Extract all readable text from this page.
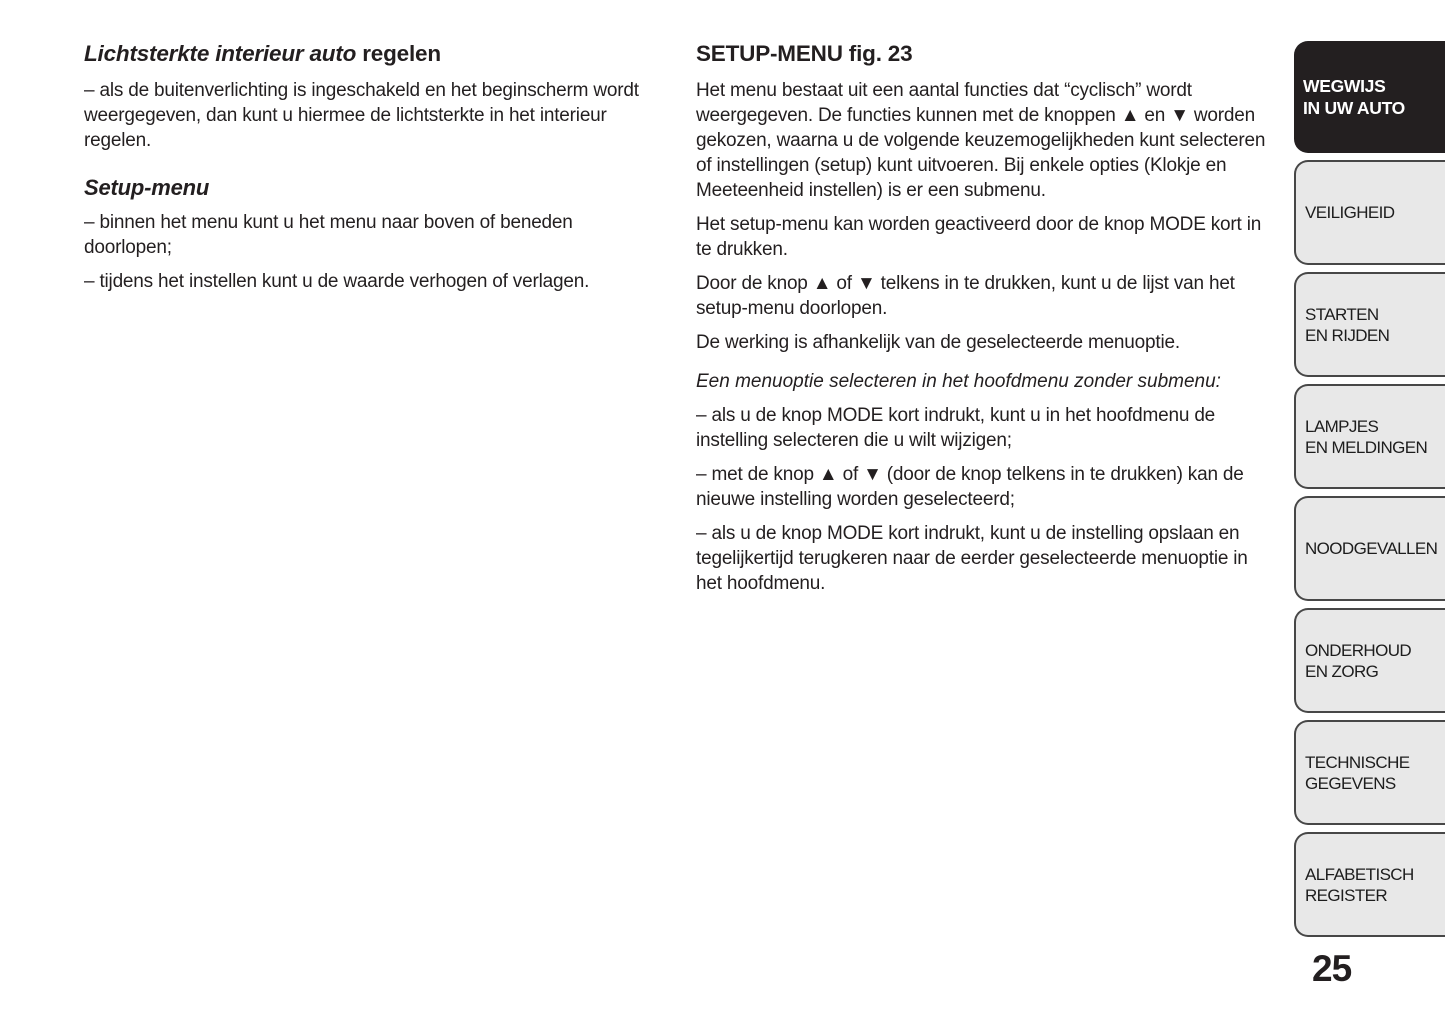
Lichtsterkte interieur auto regelen

– als de buitenverlichting is ingeschakeld en het beginscherm wordt weergegeven, dan kunt u hiermee de lichtsterkte in het interieur regelen.

Setup-menu

– binnen het menu kunt u het menu naar boven of beneden doorlopen;

– tijdens het instellen kunt u de waarde verhogen of verlagen.

SETUP-MENU fig. 23

Het menu bestaat uit een aantal functies dat “cyclisch” wordt weergegeven. De functies kunnen met de knoppen ▲ en ▼ worden gekozen, waarna u de volgende keuzemogelijkheden kunt selecteren of instellingen (setup) kunt uitvoeren. Bij enkele opties (Klokje en Meeteenheid instellen) is er een submenu.

Het setup-menu kan worden geactiveerd door de knop MODE kort in te drukken.

Door de knop ▲ of ▼ telkens in te drukken, kunt u de lijst van het setup-menu doorlopen.

De werking is afhankelijk van de geselecteerde menuoptie.

Een menuoptie selecteren in het hoofdmenu zonder submenu:

– als u de knop MODE kort indrukt, kunt u in het hoofdmenu de instelling selecteren die u wilt wijzigen;

– met de knop ▲ of ▼ (door de knop telkens in te drukken) kan de nieuwe instelling worden geselecteerd;

– als u de knop MODE kort indrukt, kunt u de instelling opslaan en tegelijkertijd terugkeren naar de eerder geselecteerde menuoptie in het hoofdmenu.

WEGWIJS
IN UW AUTO
VEILIGHEID
STARTEN
EN RIJDEN
LAMPJES
EN MELDINGEN
NOODGEVALLEN
ONDERHOUD
EN ZORG
TECHNISCHE
GEGEVENS
ALFABETISCH
REGISTER
25
